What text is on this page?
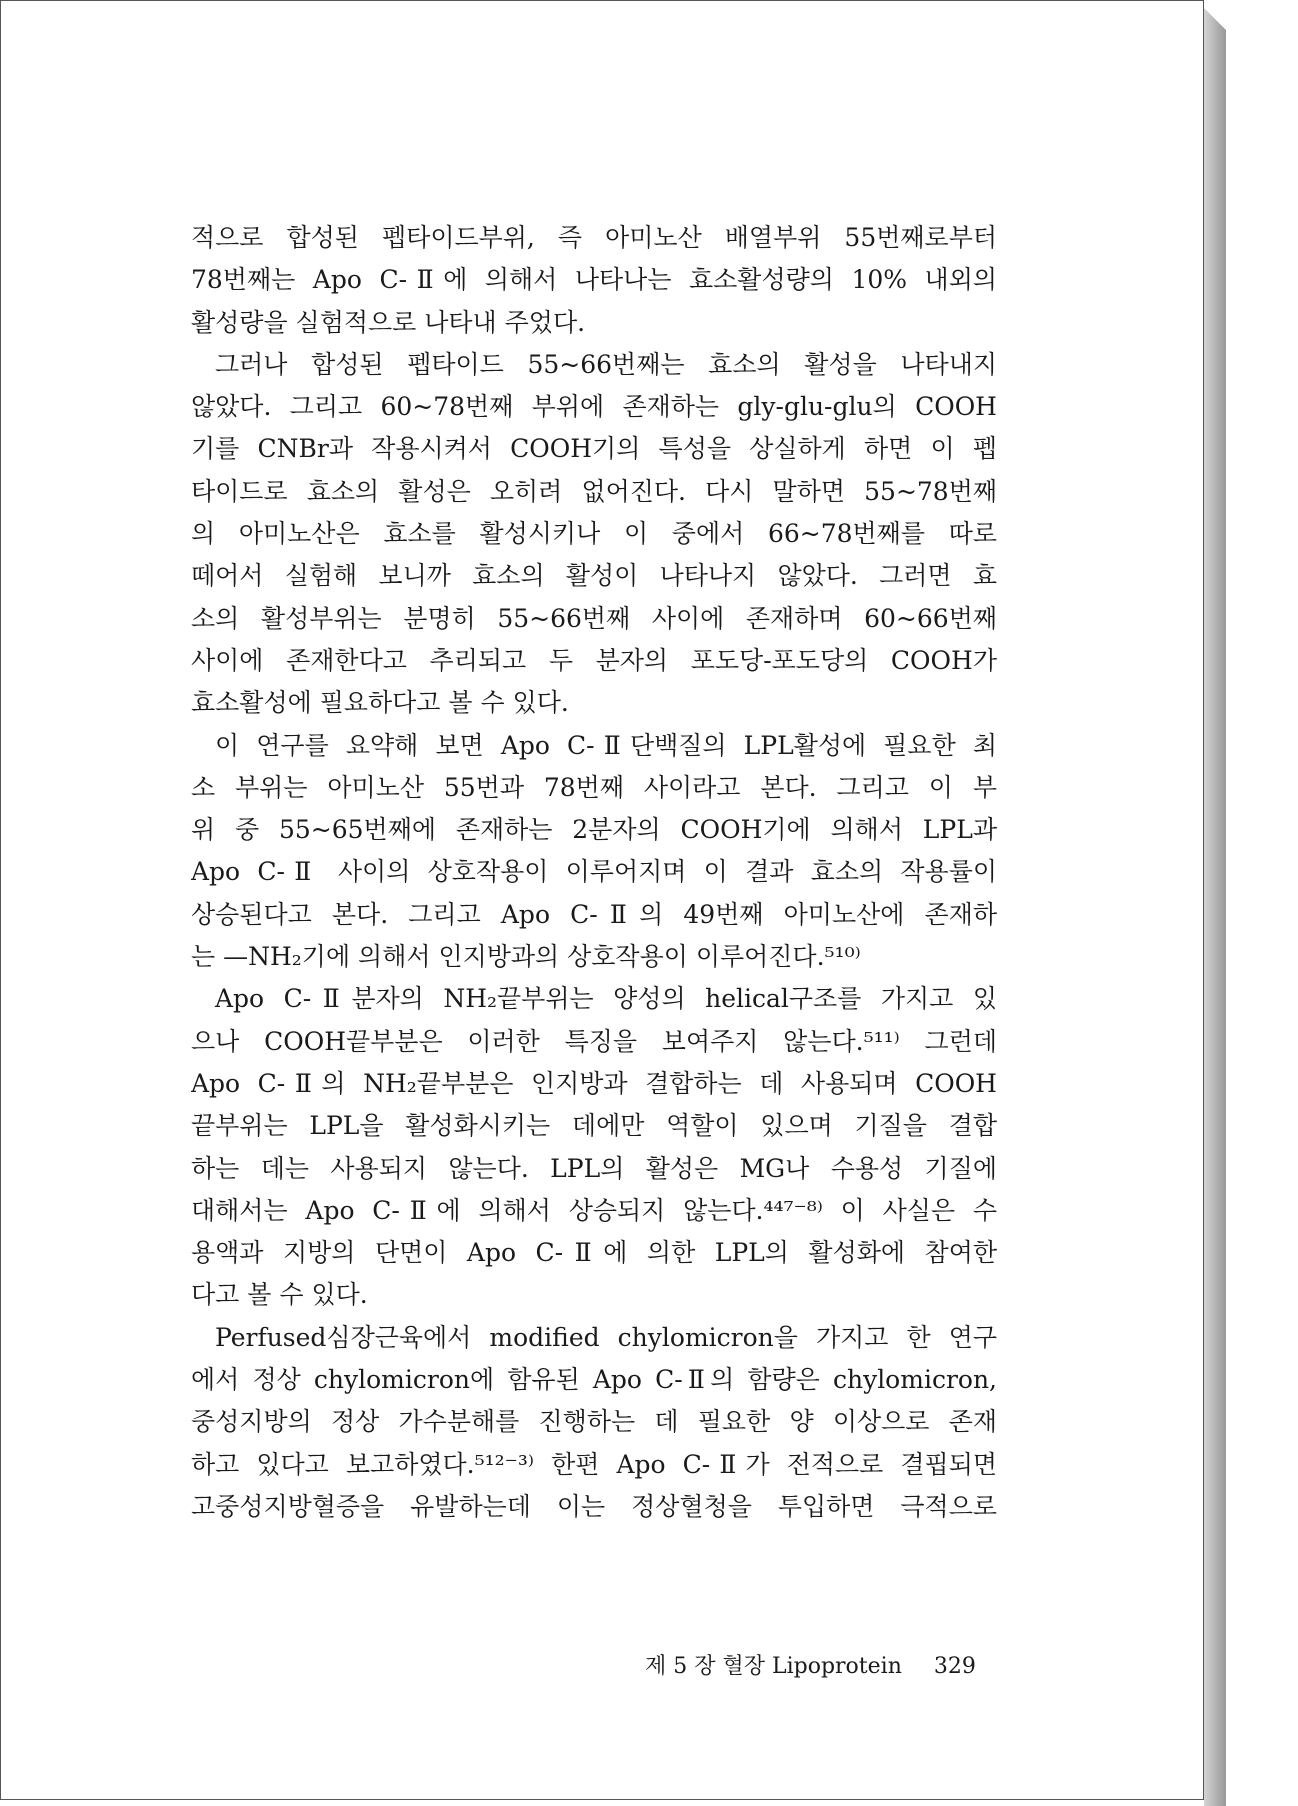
적으로 합성된 펩타이드부위, 즉 아미노산 배열부위 55번째로부터
78번째는 Apo C-Ⅱ에 의해서 나타나는 효소활성량의 10% 내외의
활성량을 실험적으로 나타내 주었다.
그러나 합성된 펩타이드 55~66번째는 효소의 활성을 나타내지
않았다. 그리고 60~78번째 부위에 존재하는 gly-glu-glu의 COOH
기를 CNBr과 작용시켜서 COOH기의 특성을 상실하게 하면 이 펩
타이드로 효소의 활성은 오히려 없어진다. 다시 말하면 55~78번째
의 아미노산은 효소를 활성시키나 이 중에서 66~78번째를 따로
떼어서 실험해 보니까 효소의 활성이 나타나지 않았다. 그러면 효
소의 활성부위는 분명히 55~66번째 사이에 존재하며 60~66번째
사이에 존재한다고 추리되고 두 분자의 포도당-포도당의 COOH가
효소활성에 필요하다고 볼 수 있다.
이 연구를 요약해 보면 Apo C-Ⅱ단백질의 LPL활성에 필요한 최
소 부위는 아미노산 55번과 78번째 사이라고 본다. 그리고 이 부
위 중 55~65번째에 존재하는 2분자의 COOH기에 의해서 LPL과
Apo C-Ⅱ 사이의 상호작용이 이루어지며 이 결과 효소의 작용률이
상승된다고 본다. 그리고 Apo C-Ⅱ의 49번째 아미노산에 존재하
는 —NH₂기에 의해서 인지방과의 상호작용이 이루어진다.⁵¹⁰⁾
Apo C-Ⅱ분자의 NH₂끝부위는 양성의 helical구조를 가지고 있
으나 COOH끝부분은 이러한 특징을 보여주지 않는다.⁵¹¹⁾ 그런데
Apo C-Ⅱ의 NH₂끝부분은 인지방과 결합하는 데 사용되며 COOH
끝부위는 LPL을 활성화시키는 데에만 역할이 있으며 기질을 결합
하는 데는 사용되지 않는다. LPL의 활성은 MG나 수용성 기질에
대해서는 Apo C-Ⅱ에 의해서 상승되지 않는다.⁴⁴⁷⁻⁸⁾ 이 사실은 수
용액과 지방의 단면이 Apo C-Ⅱ에 의한 LPL의 활성화에 참여한
다고 볼 수 있다.
Perfused심장근육에서 modified chylomicron을 가지고 한 연구
에서 정상 chylomicron에 함유된 Apo C-Ⅱ의 함량은 chylomicron,
중성지방의 정상 가수분해를 진행하는 데 필요한 양 이상으로 존재
하고 있다고 보고하였다.⁵¹²⁻³⁾ 한편 Apo C-Ⅱ가 전적으로 결핍되면
고중성지방혈증을 유발하는데 이는 정상혈청을 투입하면 극적으로
제 5 장 혈장 Lipoprotein 329
